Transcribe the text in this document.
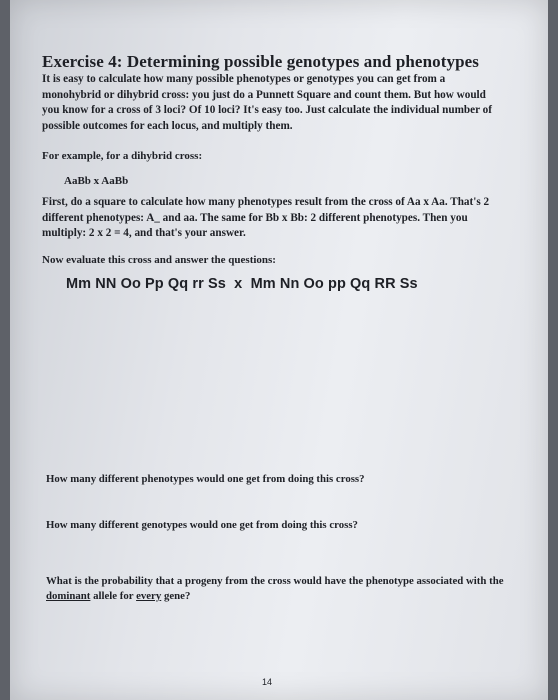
Exercise 4: Determining possible genotypes and phenotypes
It is easy to calculate how many possible phenotypes or genotypes you can get from a monohybrid or dihybrid cross: you just do a Punnett Square and count them. But how would you know for a cross of 3 loci? Of 10 loci? It's easy too. Just calculate the individual number of possible outcomes for each locus, and multiply them.
For example, for a dihybrid cross:
AaBb x AaBb
First, do a square to calculate how many phenotypes result from the cross of Aa x Aa. That's 2 different phenotypes: A_ and aa. The same for Bb x Bb: 2 different phenotypes. Then you multiply: 2 x 2 = 4, and that's your answer.
Now evaluate this cross and answer the questions:
Mm NN Oo Pp Qq rr Ss  x  Mm Nn Oo pp Qq RR Ss
How many different phenotypes would one get from doing this cross?
How many different genotypes would one get from doing this cross?
What is the probability that a progeny from the cross would have the phenotype associated with the dominant allele for every gene?
14
